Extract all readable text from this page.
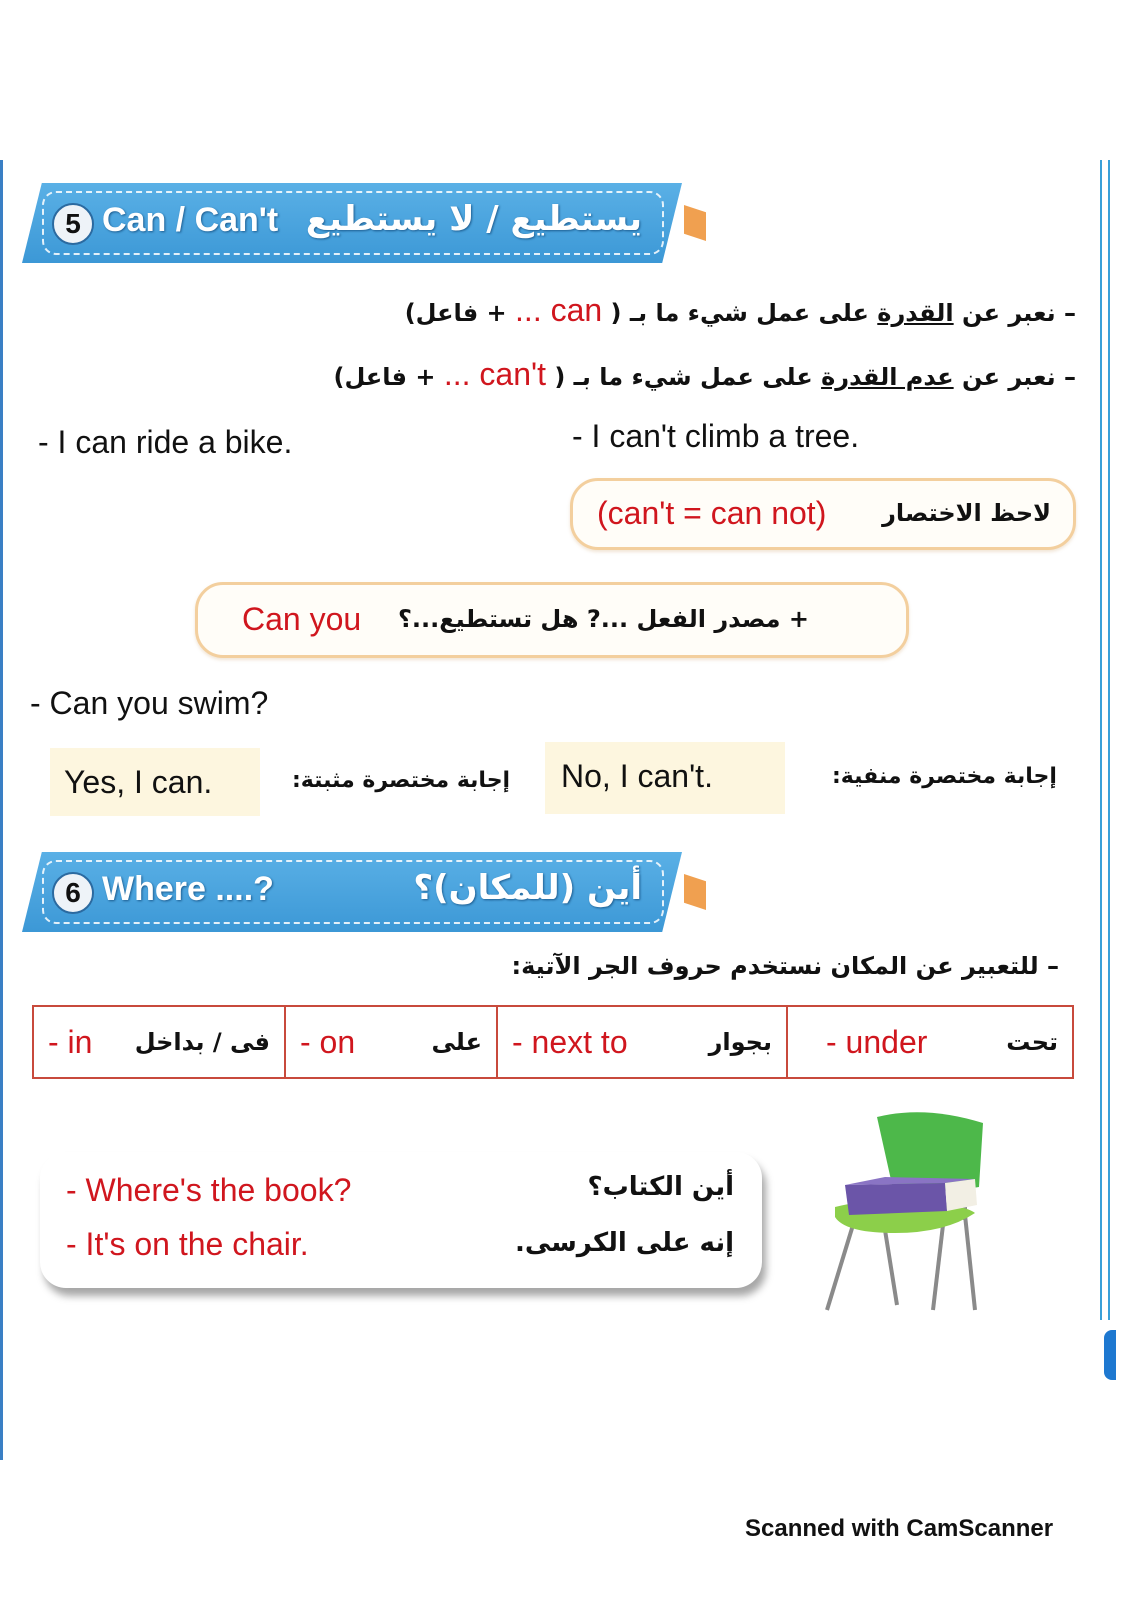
5 Can / Can't يستطيع / لا يستطيع
– نعبر عن القدرة على عمل شيء ما بـ ( ... can + فاعل)
– نعبر عن عدم القدرة على عمل شيء ما بـ ( ... can't + فاعل)
- I can ride a bike.	- I can't climb a tree.
(can't = can not) لاحظ الاختصار
Can you + مصدر الفعل ...? هل تستطيع...؟
- Can you swim?
Yes, I can.	إجابة مختصرة مثبتة: No, I can't.	إجابة مختصرة منفية:
6 Where ....?	أين (للمكان)؟
– للتعبير عن المكان نستخدم حروف الجر الآتية:
- in فى / بداخل	- on	على	- next to	بجوار	- under	تحت
- Where's the book?
- It's on the chair.
أين الكتاب؟
إنه على الكرسى.
Scanned with CamScanner
